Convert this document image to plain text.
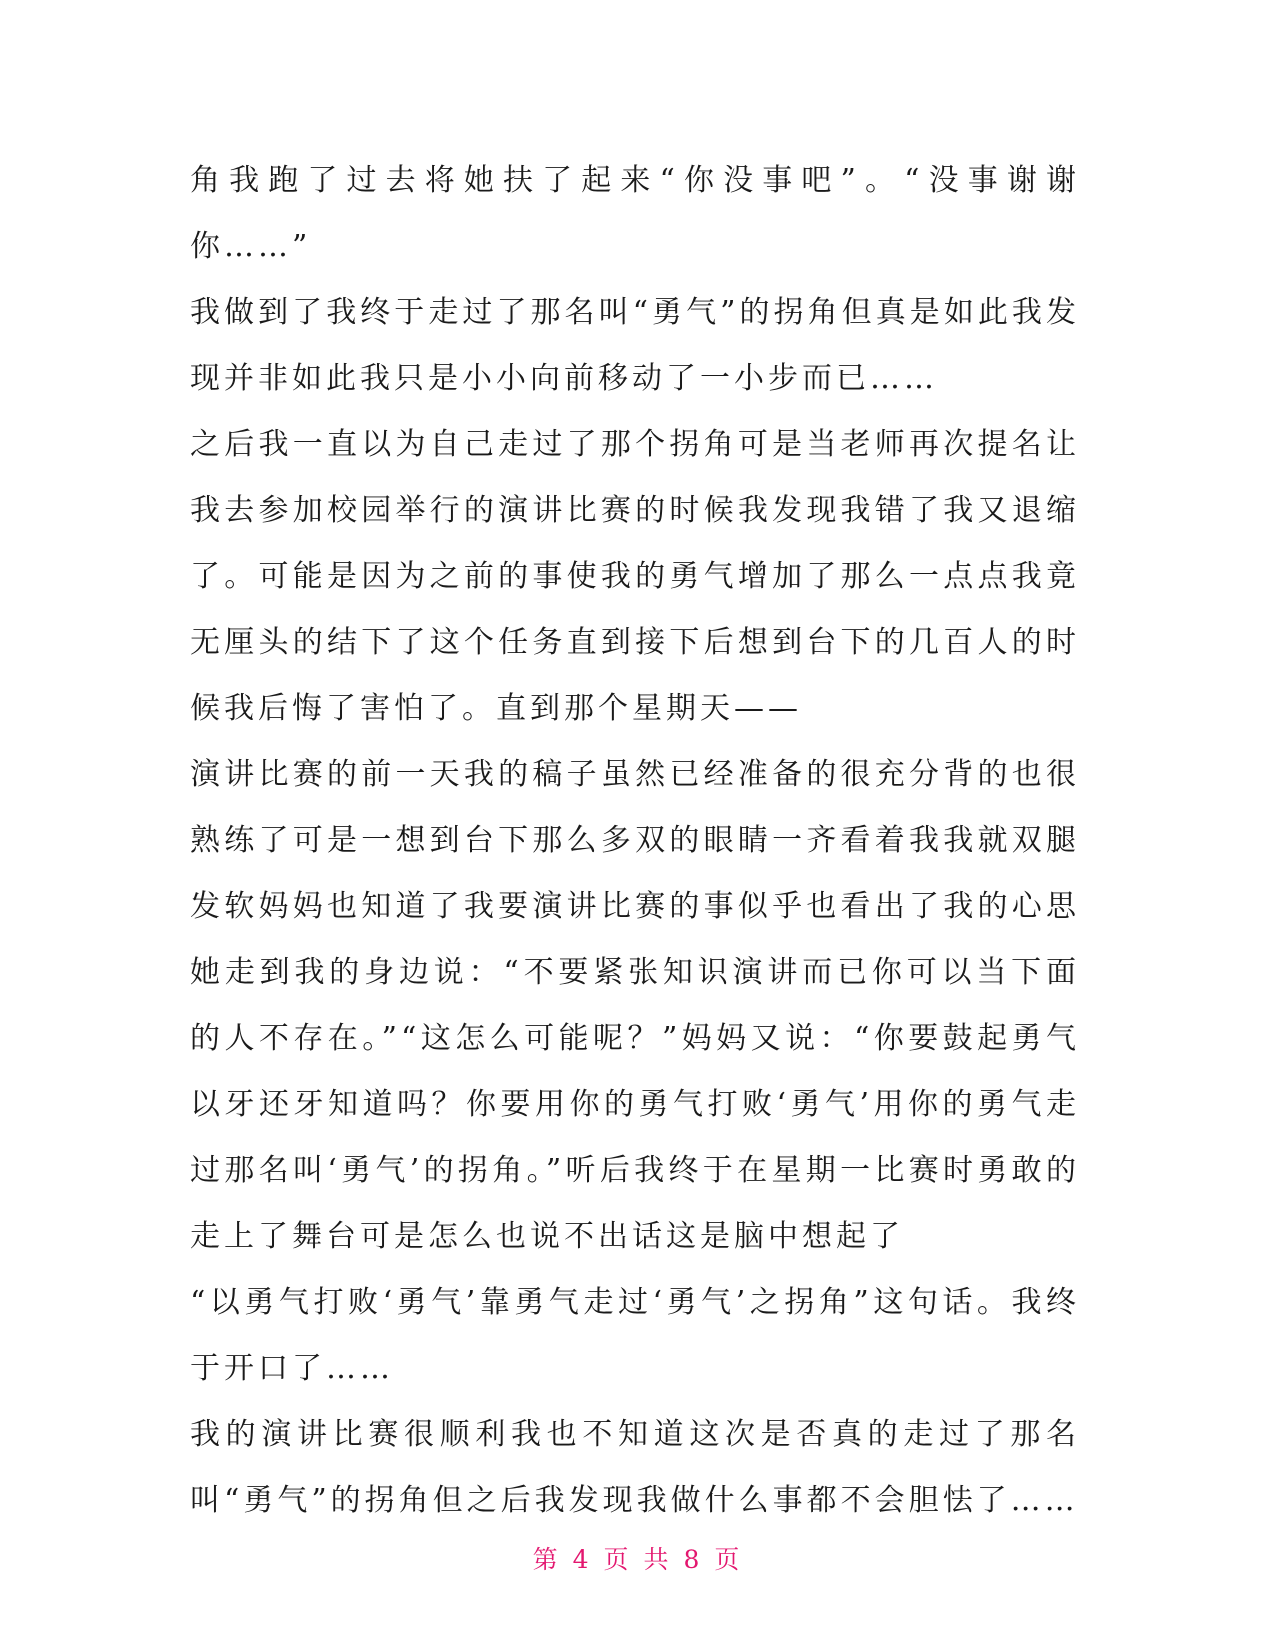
角我跑了过去将她扶了起来“你没事吧”。“没事谢谢你……”

我做到了我终于走过了那名叫“勇气”的拐角但真是如此我发现并非如此我只是小小向前移动了一小步而已……

之后我一直以为自己走过了那个拐角可是当老师再次提名让我去参加校园举行的演讲比赛的时候我发现我错了我又退缩了。可能是因为之前的事使我的勇气增加了那么一点点我竟无厘头的结下了这个任务直到接下后想到台下的几百人的时候我后悔了害怕了。直到那个星期天——

演讲比赛的前一天我的稿子虽然已经准备的很充分背的也很熟练了可是一想到台下那么多双的眼睛一齐看着我我就双腿发软妈妈也知道了我要演讲比赛的事似乎也看出了我的心思她走到我的身边说：“不要紧张知识演讲而已你可以当下面的人不存在。”“这怎么可能呢？”妈妈又说：“你要鼓起勇气以牙还牙知道吗？你要用你的勇气打败‘勇气’用你的勇气走过那名叫‘勇气’的拐角。”听后我终于在星期一比赛时勇敢的走上了舞台可是怎么也说不出话这是脑中想起了

“以勇气打败‘勇气’靠勇气走过‘勇气’之拐角”这句话。我终于开口了……

我的演讲比赛很顺利我也不知道这次是否真的走过了那名叫“勇气”的拐角但之后我发现我做什么事都不会胆怯了……

第 4 页 共 8 页
